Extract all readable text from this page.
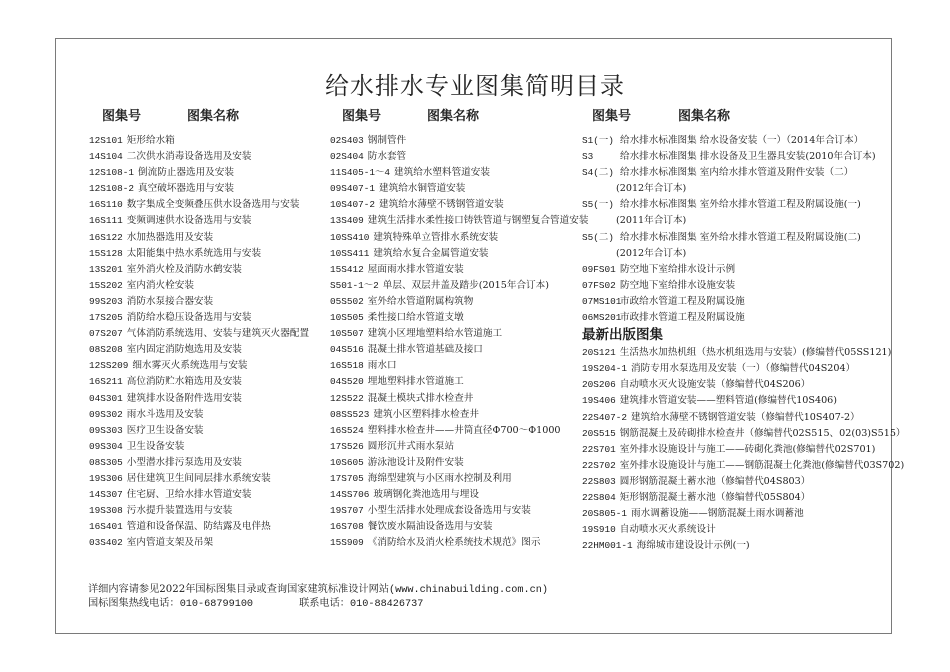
给水排水专业图集简明目录
图集号	图集名称	图集号	图集名称	图集号	图集名称
12S101 矩形给水箱
14S104 二次供水消毒设备选用及安装
12S108-1 倒流防止器选用及安装
12S108-2 真空破坏器选用与安装
16S110 数字集成全变频叠压供水设备选用与安装
16S111 变频调速供水设备选用与安装
16S122 水加热器选用及安装
15S128 太阳能集中热水系统选用与安装
13S201 室外消火栓及消防水鹤安装
15S202 室内消火栓安装
99S203 消防水泵接合器安装
17S205 消防给水稳压设备选用与安装
07S207 气体消防系统选用、安装与建筑灭火器配置
08S208 室内固定消防炮选用及安装
12SS209 细水雾灭火系统选用与安装
16S211 高位消防贮水箱选用及安装
04S301 建筑排水设备附件选用安装
09S302 雨水斗选用及安装
09S303 医疗卫生设备安装
09S304 卫生设备安装
08S305 小型潜水排污泵选用及安装
19S306 居住建筑卫生间同层排水系统安装
14S307 住宅厨、卫给水排水管道安装
19S308 污水提升装置选用与安装
16S401 管道和设备保温、防结露及电伴热
03S402 室内管道支架及吊架
02S403 钢制管件
02S404 防水套管
11S405-1～4 建筑给水塑料管道安装
09S407-1 建筑给水铜管道安装
10S407-2 建筑给水薄壁不锈钢管道安装
13S409 建筑生活排水柔性接口铸铁管道与钢塑复合管道安装
10SS410 建筑特殊单立管排水系统安装
10SS411 建筑给水复合金属管道安装
15S412 屋面雨水排水管道安装
S501-1～2 单层、双层井盖及踏步(2015年合订本)
05S502 室外给水管道附属构筑物
10S505 柔性接口给水管道支墩
10S507 建筑小区埋地塑料给水管道施工
04S516 混凝土排水管道基础及接口
16S518 雨水口
04S520 埋地塑料排水管道施工
12S522 混凝土模块式排水检查井
08SS523 建筑小区塑料排水检查井
16S524 塑料排水检查井——井筒直径Φ700～Φ1000
17S526 圆形沉井式雨水泵站
10S605 游泳池设计及附件安装
17S705 海绵型建筑与小区雨水控制及利用
14SS706 玻璃钢化粪池选用与埋设
19S707 小型生活排水处理成套设备选用与安装
16S708 餐饮废水隔油设备选用与安装
15S909 《消防给水及消火栓系统技术规范》图示
S1(一) 给水排水标准图集 给水设备安装（一）（2014年合订本）
S3	给水排水标准图集 排水设备及卫生器具安装(2010年合订本)
S4(二) 给水排水标准图集 室内给水排水管道及附件安装（二）
(2012年合订本)
S5(一) 给水排水标准图集 室外给水排水管道工程及附属设施(一)
(2011年合订本)
S5(二) 给水排水标准图集 室外给水排水管道工程及附属设施(二)
(2012年合订本)
09FS01 防空地下室给排水设计示例
07FS02 防空地下室给排水设施安装
07MS101市政给水管道工程及附属设施
06MS201市政排水管道工程及附属设施
最新出版图集
20S121 生活热水加热机组（热水机组选用与安装）(修编替代05SS121)
19S204-1 消防专用水泵选用及安装（一）（修编替代04S204）
20S206 自动喷水灭火设施安装（修编替代04S206）
19S406 建筑排水管道安装——塑料管道(修编替代10S406)
22S407-2 建筑给水薄壁不锈钢管道安装（修编替代10S407-2）
20S515 钢筋混凝土及砖砌排水检查井（修编替代02S515、02(03)S515）
22S701 室外排水设施设计与施工——砖砌化粪池(修编替代02S701)
22S702 室外排水设施设计与施工——钢筋混凝土化粪池(修编替代03S702)
22S803 圆形钢筋混凝土蓄水池（修编替代04S803）
22S804 矩形钢筋混凝土蓄水池（修编替代05S804）
20S805-1 雨水调蓄设施——钢筋混凝土雨水调蓄池
19S910 自动喷水灭火系统设计
22HM001-1 海绵城市建设设计示例(一)
详细内容请参见2022年国标图集目录或查询国家建筑标准设计网站(www.chinabuilding.com.cn)
国标图集热线电话：010-68799100	联系电话：010-88426737
